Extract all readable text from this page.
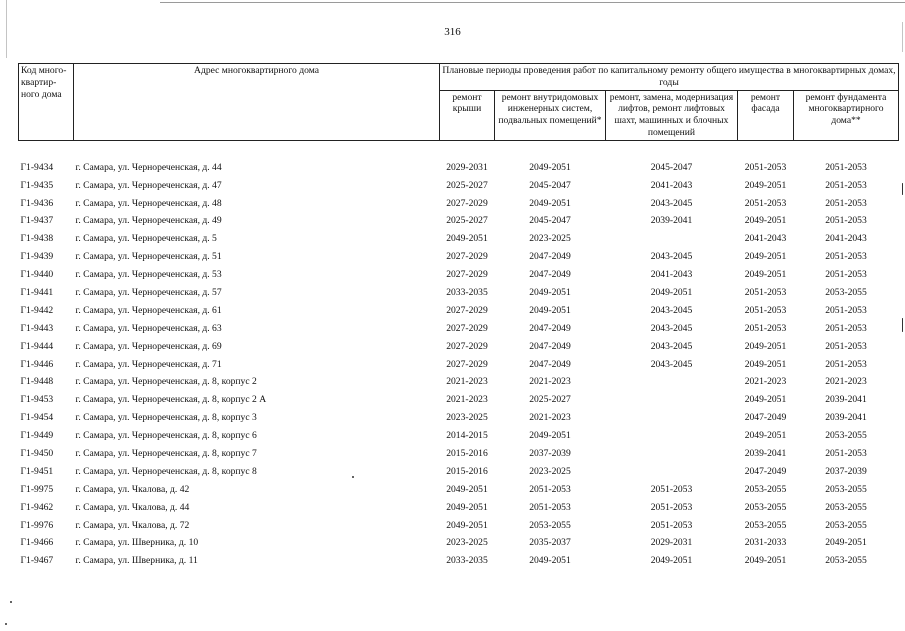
316
Код много-квартир-ного дома	Адрес многоквартирного дома	Плановые периоды проведения работ по капитальному ремонту общего имущества в многоквартирных домах, годы				
		ремонт крыши	ремонт внутридомовых инженерных систем, подвальных помещений*	ремонт, замена, модернизация лифтов, ремонт лифтовых шахт, машинных и блочных помещений	ремонт фасада	ремонт фундамента многоквартирного дома**

Г1-9434	г. Самара, ул. Чернореченская, д. 44	2029-2031	2049-2051	2045-2047	2051-2053	2051-2053
Г1-9435	г. Самара, ул. Чернореченская, д. 47	2025-2027	2045-2047	2041-2043	2049-2051	2051-2053
Г1-9436	г. Самара, ул. Чернореченская, д. 48	2027-2029	2049-2051	2043-2045	2051-2053	2051-2053
Г1-9437	г. Самара, ул. Чернореченская, д. 49	2025-2027	2045-2047	2039-2041	2049-2051	2051-2053
Г1-9438	г. Самара, ул. Чернореченская, д. 5	2049-2051	2023-2025		2041-2043	2041-2043
Г1-9439	г. Самара, ул. Чернореченская, д. 51	2027-2029	2047-2049	2043-2045	2049-2051	2051-2053
Г1-9440	г. Самара, ул. Чернореченская, д. 53	2027-2029	2047-2049	2041-2043	2049-2051	2051-2053
Г1-9441	г. Самара, ул. Чернореченская, д. 57	2033-2035	2049-2051	2049-2051	2051-2053	2053-2055
Г1-9442	г. Самара, ул. Чернореченская, д. 61	2027-2029	2049-2051	2043-2045	2051-2053	2051-2053
Г1-9443	г. Самара, ул. Чернореченская, д. 63	2027-2029	2047-2049	2043-2045	2051-2053	2051-2053
Г1-9444	г. Самара, ул. Чернореченская, д. 69	2027-2029	2047-2049	2043-2045	2049-2051	2051-2053
Г1-9446	г. Самара, ул. Чернореченская, д. 71	2027-2029	2047-2049	2043-2045	2049-2051	2051-2053
Г1-9448	г. Самара, ул. Чернореченская, д. 8, корпус 2	2021-2023	2021-2023		2021-2023	2021-2023
Г1-9453	г. Самара, ул. Чернореченская, д. 8, корпус 2 А	2021-2023	2025-2027		2049-2051	2039-2041
Г1-9454	г. Самара, ул. Чернореченская, д. 8, корпус 3	2023-2025	2021-2023		2047-2049	2039-2041
Г1-9449	г. Самара, ул. Чернореченская, д. 8, корпус 6	2014-2015	2049-2051		2049-2051	2053-2055
Г1-9450	г. Самара, ул. Чернореченская, д. 8, корпус 7	2015-2016	2037-2039		2039-2041	2051-2053
Г1-9451	г. Самара, ул. Чернореченская, д. 8, корпус 8	2015-2016	2023-2025		2047-2049	2037-2039
Г1-9975	г. Самара, ул. Чкалова, д. 42	2049-2051	2051-2053	2051-2053	2053-2055	2053-2055
Г1-9462	г. Самара, ул. Чкалова, д. 44	2049-2051	2051-2053	2051-2053	2053-2055	2053-2055
Г1-9976	г. Самара, ул. Чкалова, д. 72	2049-2051	2053-2055	2051-2053	2053-2055	2053-2055
Г1-9466	г. Самара, ул. Шверника, д. 10	2023-2025	2035-2037	2029-2031	2031-2033	2049-2051
Г1-9467	г. Самара, ул. Шверника, д. 11	2033-2035	2049-2051	2049-2051	2049-2051	2053-2055
